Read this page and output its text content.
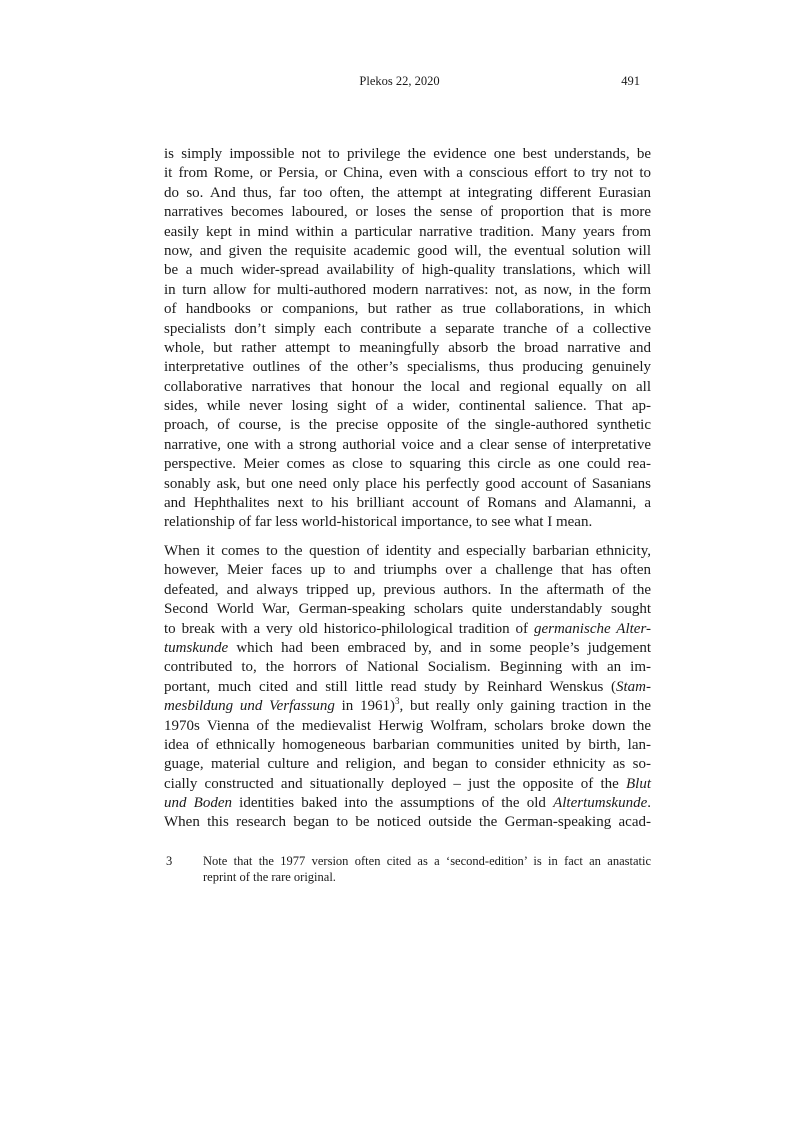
Plekos 22, 2020	491
is simply impossible not to privilege the evidence one best understands, be
it from Rome, or Persia, or China, even with a conscious effort to try not to
do so. And thus, far too often, the attempt at integrating different Eurasian
narratives becomes laboured, or loses the sense of proportion that is more
easily kept in mind within a particular narrative tradition. Many years from
now, and given the requisite academic good will, the eventual solution will
be a much wider-spread availability of high-quality translations, which will
in turn allow for multi-authored modern narratives: not, as now, in the form
of handbooks or companions, but rather as true collaborations, in which
specialists don’t simply each contribute a separate tranche of a collective
whole, but rather attempt to meaningfully absorb the broad narrative and
interpretative outlines of the other’s specialisms, thus producing genuinely
collaborative narratives that honour the local and regional equally on all
sides, while never losing sight of a wider, continental salience. That ap-
proach, of course, is the precise opposite of the single-authored synthetic
narrative, one with a strong authorial voice and a clear sense of interpretative
perspective. Meier comes as close to squaring this circle as one could rea-
sonably ask, but one need only place his perfectly good account of Sasanians
and Hephthalites next to his brilliant account of Romans and Alamanni, a
relationship of far less world-historical importance, to see what I mean.
When it comes to the question of identity and especially barbarian ethnicity,
however, Meier faces up to and triumphs over a challenge that has often
defeated, and always tripped up, previous authors. In the aftermath of the
Second World War, German-speaking scholars quite understandably sought
to break with a very old historico-philological tradition of germanische Alter-
tumskunde which had been embraced by, and in some people’s judgement
contributed to, the horrors of National Socialism. Beginning with an im-
portant, much cited and still little read study by Reinhard Wenskus (Stam-
mesbildung und Verfassung in 1961)$^3$, but really only gaining traction in the
1970s Vienna of the medievalist Herwig Wolfram, scholars broke down the
idea of ethnically homogeneous barbarian communities united by birth, lan-
guage, material culture and religion, and began to consider ethnicity as so-
cially constructed and situationally deployed – just the opposite of the Blut
und Boden identities baked into the assumptions of the old Altertumskunde.
When this research began to be noticed outside the German-speaking acad-
3 Note that the 1977 version often cited as a ‘second-edition’ is in fact an anastatic
reprint of the rare original.
